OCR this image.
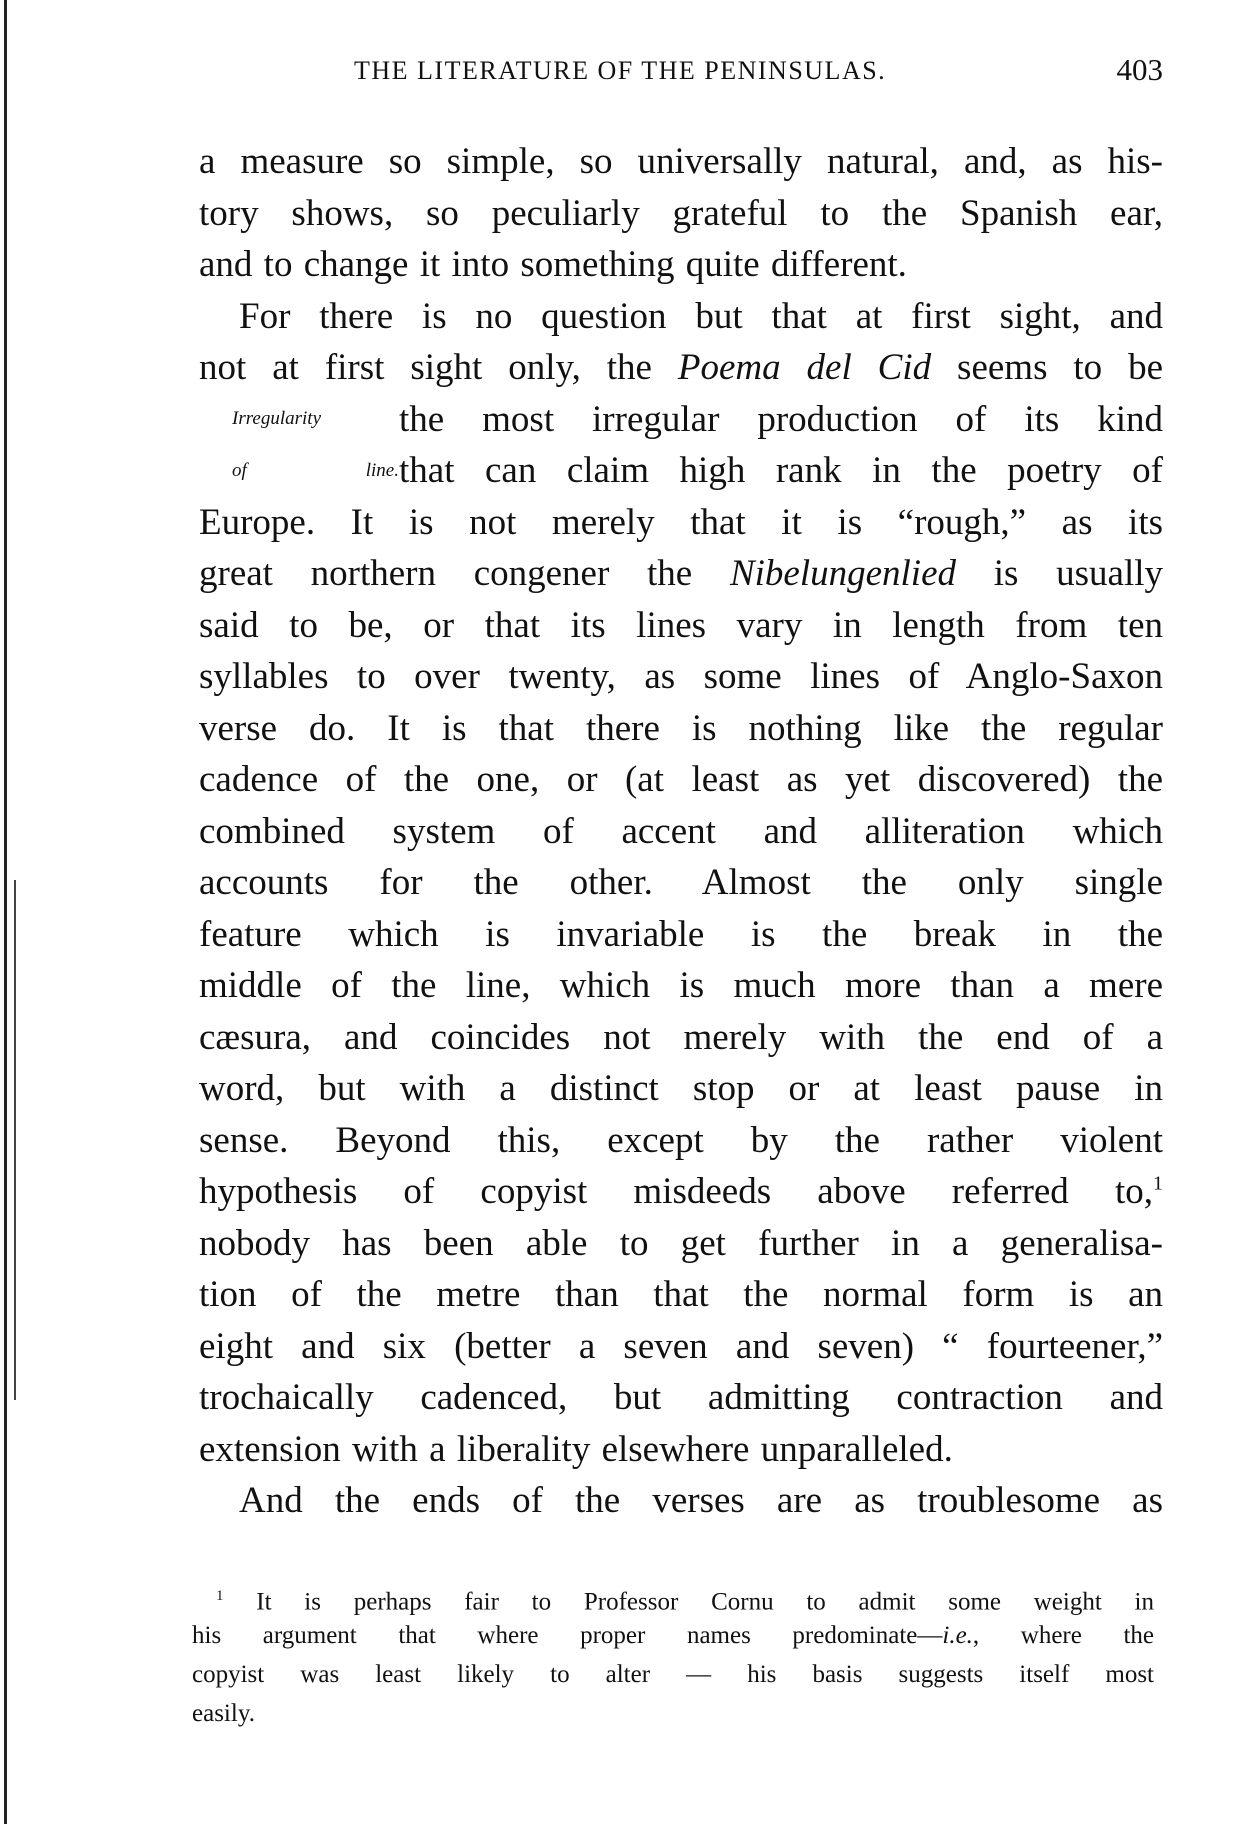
THE LITERATURE OF THE PENINSULAS.	403
a measure so simple, so universally natural, and, as his-
tory shows, so peculiarly grateful to the Spanish ear,
and to change it into something quite different.
For there is no question but that at first sight, and
not at first sight only, the Poema del Cid seems to be
Irregularity	the most irregular production of its kind
of line. that can claim high rank in the poetry of
Europe. It is not merely that it is “rough,” as its
great northern congener the Nibelungenlied is usually
said to be, or that its lines vary in length from ten
syllables to over twenty, as some lines of Anglo-Saxon
verse do. It is that there is nothing like the regular
cadence of the one, or (at least as yet discovered) the
combined system of accent and alliteration which
accounts for the other. Almost the only single
feature which is invariable is the break in the
middle of the line, which is much more than a mere
cæsura, and coincides not merely with the end of a
word, but with a distinct stop or at least pause in
sense. Beyond this, except by the rather violent
hypothesis of copyist misdeeds above referred to,$^1$
nobody has been able to get further in a generalisa-
tion of the metre than that the normal form is an
eight and six (better a seven and seven) “ fourteener,”
trochaically cadenced, but admitting contraction and
extension with a liberality elsewhere unparalleled.
And the ends of the verses are as troublesome as
$^1$ It is perhaps fair to Professor Cornu to admit some weight in
his argument that where proper names predominate—i.e., where the
copyist was least likely to alter — his basis suggests itself most
easily.
